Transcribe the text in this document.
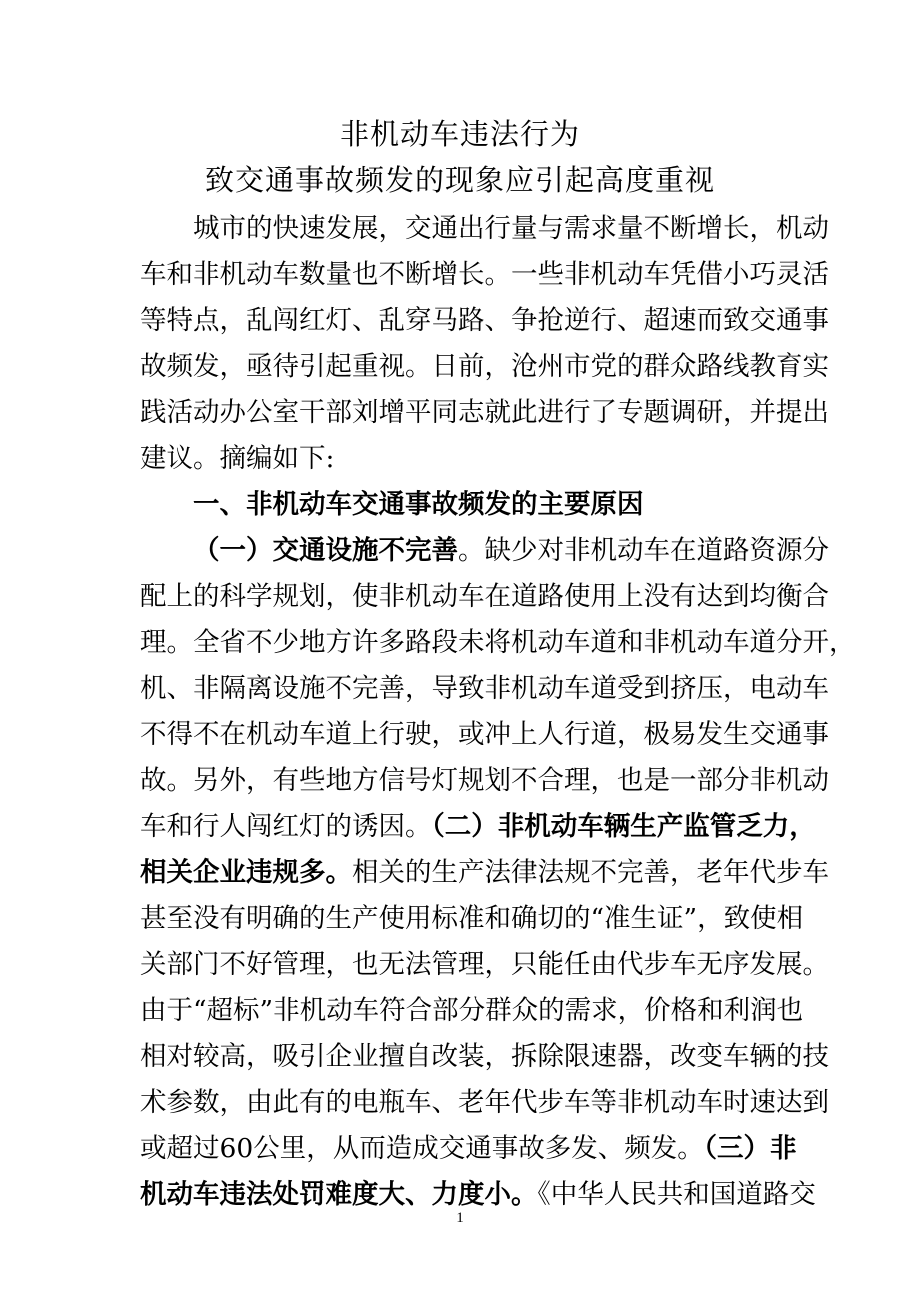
非机动车违法行为
致交通事故频发的现象应引起高度重视
城市的快速发展，交通出行量与需求量不断增长，机动
车和非机动车数量也不断增长。一些非机动车凭借小巧灵活
等特点，乱闯红灯、乱穿马路、争抢逆行、超速而致交通事
故频发，亟待引起重视。日前，沧州市党的群众路线教育实
践活动办公室干部刘增平同志就此进行了专题调研，并提出
建议。摘编如下:
一、非机动车交通事故频发的主要原因
（一）交通设施不完善。缺少对非机动车在道路资源分
配上的科学规划，使非机动车在道路使用上没有达到均衡合
理。全省不少地方许多路段未将机动车道和非机动车道分开，
机、非隔离设施不完善，导致非机动车道受到挤压，电动车
不得不在机动车道上行驶，或冲上人行道，极易发生交通事
故。另外，有些地方信号灯规划不合理，也是一部分非机动
车和行人闯红灯的诱因。（二）非机动车辆生产监管乏力，
相关企业违规多。相关的生产法律法规不完善，老年代步车
甚至没有明确的生产使用标准和确切的“准生证”，致使相
关部门不好管理，也无法管理，只能任由代步车无序发展。
由于“超标”非机动车符合部分群众的需求，价格和利润也
相对较高，吸引企业擅自改装，拆除限速器，改变车辆的技
术参数，由此有的电瓶车、老年代步车等非机动车时速达到
或超过60公里，从而造成交通事故多发、频发。（三）非
机动车违法处罚难度大、力度小。《中华人民共和国道路交
1
